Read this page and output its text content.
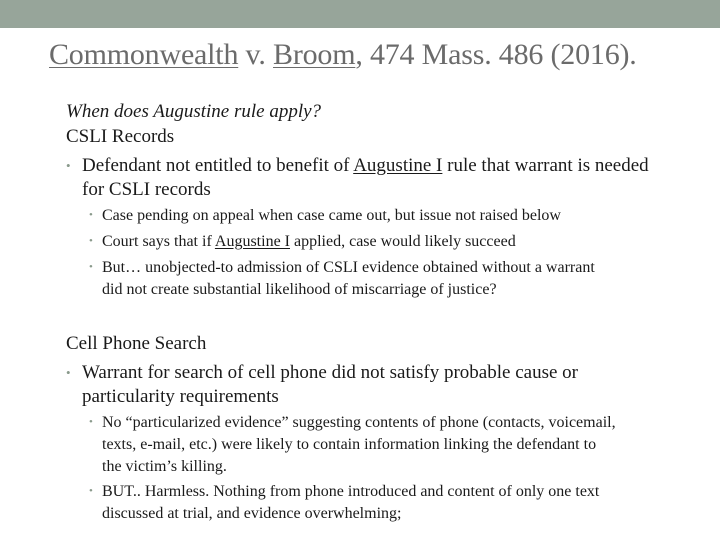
Commonwealth v. Broom, 474 Mass. 486 (2016).
When does Augustine rule apply?
CSLI Records
• Defendant not entitled to benefit of Augustine I rule that warrant is needed
for CSLI records
• Case pending on appeal when case came out, but issue not raised below
• Court says that if Augustine I applied, case would likely succeed
• But… unobjected-to admission of CSLI evidence obtained without a warrant
did not create substantial likelihood of miscarriage of justice?
Cell Phone Search
• Warrant for search of cell phone did not satisfy probable cause or
particularity requirements
• No “particularized evidence” suggesting contents of phone (contacts, voicemail,
texts, e-mail, etc.) were likely to contain information linking the defendant to
the victim’s killing.
• BUT.. Harmless. Nothing from phone introduced and content of only one text
discussed at trial, and evidence overwhelming;
